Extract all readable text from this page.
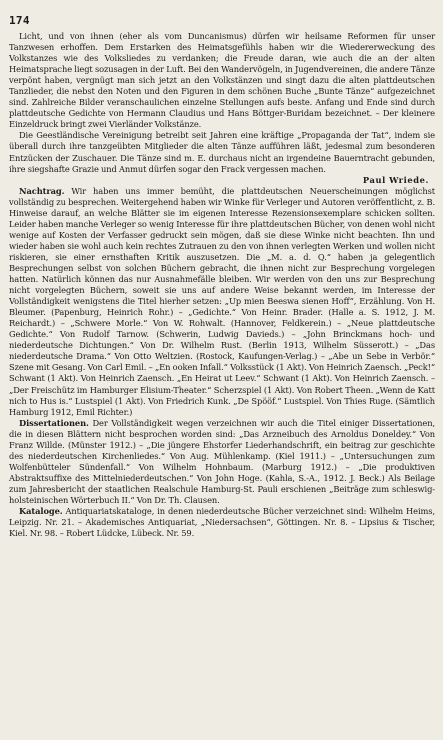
174

Licht, und von ihnen (eher als vom Duncanismus) dürfen wir heilsame Reformen für unser Tanzwesen erhoffen. Dem Erstarken des Heimatsgefühls haben wir die Wiedererweckung des Volkstanzes wie des Volksliedes zu verdanken; die Freude daran, wie auch die an der alten Heimatsprache liegt sozusagen in der Luft. Bei den Wandervögeln, in Jugendvereinen, die andere Tänze verpönt haben, vergnügt man sich jetzt an den Volkstänzen und singt dazu die alten plattdeutschen Tanzlieder, die nebst den Noten und den Figuren in dem schönen Buche „Bunte Tänze“ aufgezeichnet sind. Zahlreiche Bilder veranschaulichen einzelne Stellungen aufs beste. Anfang und Ende sind durch plattdeutsche Gedichte von Hermann Claudius und Hans Böttger-Buridam bezeichnet. – Der kleinere Einzeldruck bringt zwei Vierländer Volkstänze.

Die Geestländische Vereinigung betreibt seit Jahren eine kräftige „Propaganda der Tat“, indem sie überall durch ihre tanzgeübten Mitglieder die alten Tänze aufführen läßt, jedesmal zum besonderen Entzücken der Zuschauer. Die Tänze sind m. E. durchaus nicht an irgendeine Bauerntracht gebunden, ihre siegshafte Grazie und Anmut dürfen sogar den Frack vergessen machen.

Paul Wriede.

Nachtrag. Wir haben uns immer bemüht, die plattdeutschen Neuerscheinungen möglichst vollständig zu besprechen. Weitergehend haben wir Winke für Verleger und Autoren veröffentlicht, z. B. Hinweise darauf, an welche Blätter sie im eigenen Interesse Rezensionsexemplare schicken sollten. Leider haben manche Verleger so wenig Interesse für ihre plattdeutschen Bücher, von denen wohl nicht wenige auf Kosten der Verfasser gedruckt sein mögen, daß sie diese Winke nicht beachten. Ihn und wieder haben sie wohl auch kein rechtes Zutrauen zu den von ihnen verlegten Werken und wollen nicht riskieren, sie einer ernsthaften Kritik auszusetzen. Die „M. a. d. Q.“ haben ja gelegentlich Besprechungen selbst von solchen Büchern gebracht, die ihnen nicht zur Besprechung vorgelegen hatten. Natürlich können das nur Ausnahmefälle bleiben. Wir werden von den uns zur Besprechung nicht vorgelegten Büchern, soweit sie uns auf andere Weise bekannt werden, im Interesse der Vollständigkeit wenigstens die Titel hierher setzen: „Up mien Beeswa sienen Hoff“, Erzählung. Von H. Bleumer. (Papenburg, Heinrich Rohr.) – „Gedichte.“ Von Heinr. Brader. (Halle a. S. 1912, J. M. Reichardt.) – „Schwere Morle.“ Von W. Rohwalt. (Hannover, Feldkerein.) – „Neue plattdeutsche Gedichte.“ Von Rudolf Tarnow. (Schwerin, Ludwig Davieds.) – „John Brinckmans hoch- und niederdeutsche Dichtungen.“ Von Dr. Wilhelm Rust. (Berlin 1913, Wilhelm Süsserott.) – „Das niederdeutsche Drama.“ Von Otto Weltzien. (Rostock, Kaufungen-Verlag.) – „Abe un Sebe in Verbör.“ Szene mit Gesang. Von Carl Emil. – „En ooken Infall.“ Volksstück (1 Akt). Von Heinrich Zaensch. „Peck!“ Schwant (1 Akt). Von Heinrich Zaensch. „En Heirat ut Leev.“ Schwant (1 Akt). Von Heinrich Zaensch. – „Der Freischütz im Hamburger Elisium-Theater.“ Scherzspiel (1 Akt). Von Robert Theen. „Wenn de Katt nich to Hus is.“ Lustspiel (1 Akt). Von Friedrich Kunk. „De Spööf.“ Lustspiel. Von Thies Ruge. (Sämtlich Hamburg 1912, Emil Richter.)

Dissertationen. Der Vollständigkeit wegen verzeichnen wir auch die Titel einiger Dissertationen, die in diesen Blättern nicht besprochen worden sind: „Das Arzneibuch des Arnoldus Doneldey.“ Von Franz Willde. (Münster 1912.) – „Die jüngere Ehstorfer Liederhandschrift, ein beitrag zur geschichte des niederdeutschen Kirchenliedes.“ Von Aug. Mühlenkamp. (Kiel 1911.) – „Untersuchungen zum Wolfenbütteler Sündenfall.“ Von Wilhelm Hohnbaum. (Marburg 1912.) – „Die produktiven Abstraktsuffixe des Mittelniederdeutschen.“ Von John Hoge. (Kahla, S.-A., 1912. J. Beck.) Als Beilage zum Jahresbericht der staatlichen Realschule Hamburg-St. Pauli erschienen „Beiträge zum schleswig-holsteinischen Wörterbuch II.“ Von Dr. Th. Clausen.

Kataloge. Antiquariatskataloge, in denen niederdeutsche Bücher verzeichnet sind: Wilhelm Heims, Leipzig. Nr. 21. – Akademisches Antiquariat, „Niedersachsen“, Göttingen. Nr. 8. – Lipsius & Tischer, Kiel. Nr. 98. – Robert Lüdcke, Lübeck. Nr. 59.
